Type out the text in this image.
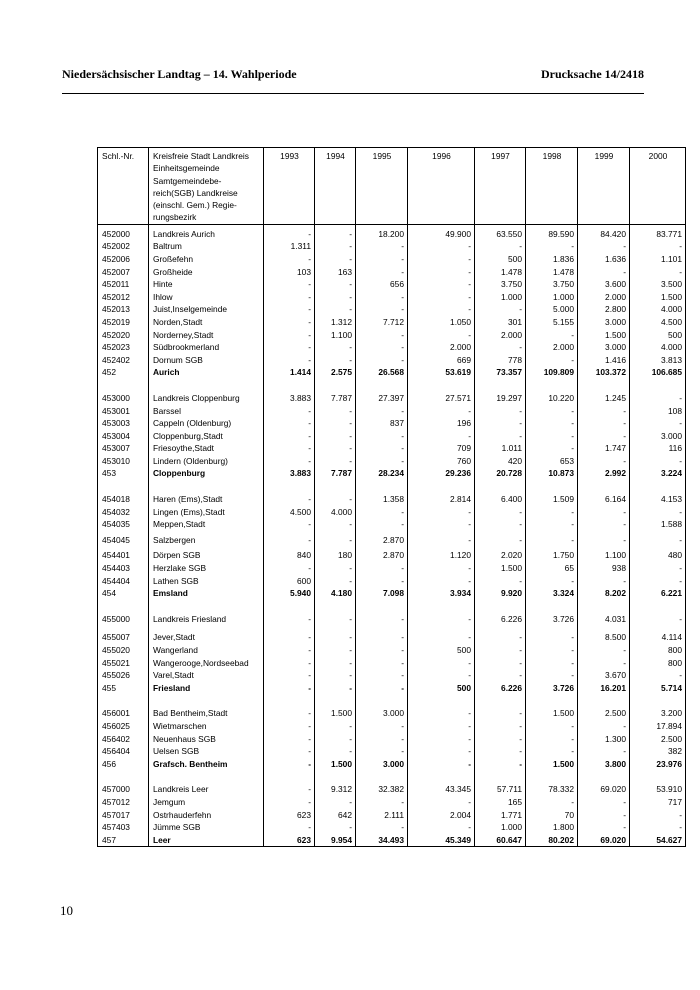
Niedersächsischer Landtag – 14. Wahlperiode	Drucksache 14/2418
Schl.-Nr.	Kreisfreie Stadt Landkreis Einheitsgemeinde Samtgemeindebe-reich(SGB) Landkreise (einschl. Gem.) Regie-rungsbezirk	1993	1994	1995	1996	1997	1998	1999	2000
452000	Landkreis Aurich	-	-	18.200	49.900	63.550	89.590	84.420	83.771
452002	Baltrum	1.311	-	-	-	-	-	-	-
452006	Großefehn	-	-	-	-	500	1.836	1.636	1.101
452007	Großheide	103	163	-	-	1.478	1.478	-	-
452011	Hinte	-	-	656	-	3.750	3.750	3.600	3.500
452012	Ihlow	-	-	-	-	1.000	1.000	2.000	1.500
452013	Juist,Inselgemeinde	-	-	-	-	-	5.000	2.800	4.000
452019	Norden,Stadt	-	1.312	7.712	1.050	301	5.155	3.000	4.500
452020	Norderney,Stadt	-	1.100	-	-	2.000	-	1.500	500
452023	Südbrookmerland	-	-	-	2.000	-	2.000	3.000	4.000
452402	Dornum SGB	-	-	-	669	778	-	1.416	3.813
452	Aurich	1.414	2.575	26.568	53.619	73.357	109.809	103.372	106.685

453000	Landkreis Cloppenburg	3.883	7.787	27.397	27.571	19.297	10.220	1.245	-
453001	Barssel	-	-	-	-	-	-	-	108
453003	Cappeln (Oldenburg)	-	-	837	196	-	-	-	-
453004	Cloppenburg,Stadt	-	-	-	-	-	-	-	3.000
453007	Friesoythe,Stadt	-	-	-	709	1.011	-	1.747	116
453010	Lindern (Oldenburg)	-	-	-	760	420	653	-	-
453	Cloppenburg	3.883	7.787	28.234	29.236	20.728	10.873	2.992	3.224

454018	Haren (Ems),Stadt	-	-	1.358	2.814	6.400	1.509	6.164	4.153
454032	Lingen (Ems),Stadt	4.500	4.000	-	-	-	-	-	-
454035	Meppen,Stadt	-	-	-	-	-	-	-	1.588
454045	Salzbergen	-	-	2.870	-	-	-	-	-
454401	Dörpen SGB	840	180	2.870	1.120	2.020	1.750	1.100	480
454403	Herzlake SGB	-	-	-	-	1.500	65	938	-
454404	Lathen SGB	600	-	-	-	-	-	-	-
454	Emsland	5.940	4.180	7.098	3.934	9.920	3.324	8.202	6.221

455000	Landkreis Friesland	-	-	-	-	6.226	3.726	4.031	-

455007	Jever,Stadt	-	-	-	-	-	-	8.500	4.114
455020	Wangerland	-	-	-	500	-	-	-	800
455021	Wangerooge,Nordseebad	-	-	-	-	-	-	-	800
455026	Varel,Stadt	-	-	-	-	-	-	3.670	-
455	Friesland	-	-	-	500	6.226	3.726	16.201	5.714

456001	Bad Bentheim,Stadt	-	1.500	3.000	-	-	1.500	2.500	3.200
456025	Wietmarschen	-	-	-	-	-	-	-	17.894
456402	Neuenhaus SGB	-	-	-	-	-	-	1.300	2.500
456404	Uelsen SGB	-	-	-	-	-	-	-	382
456	Grafsch. Bentheim	-	1.500	3.000	-	-	1.500	3.800	23.976

457000	Landkreis Leer	-	9.312	32.382	43.345	57.711	78.332	69.020	53.910
457012	Jemgum	-	-	-	-	165	-	-	717
457017	Ostrhauderfehn	623	642	2.111	2.004	1.771	70	-	-
457403	Jümme SGB	-	-	-	-	1.000	1.800	-	-
457	Leer	623	9.954	34.493	45.349	60.647	80.202	69.020	54.627
10
